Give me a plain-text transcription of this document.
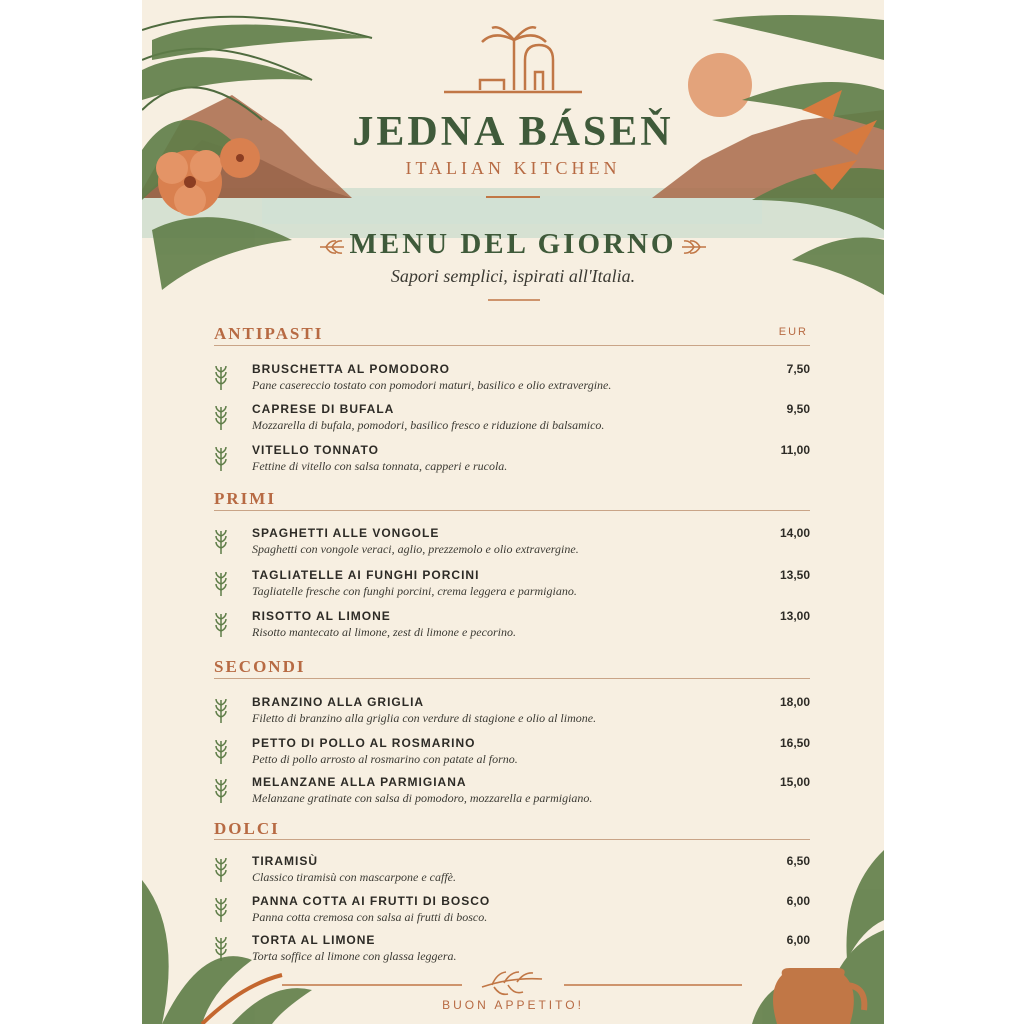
JEDNA BÁSEŇ
ITALIAN KITCHEN
MENU DEL GIORNO
Sapori semplici, ispirati all'Italia.
EUR
ANTIPASTI
BRUSCHETTA AL POMODORO
Pane casereccio tostato con pomodori maturi, basilico e olio extravergine.
7,50
CAPRESE DI BUFALA
Mozzarella di bufala, pomodori, basilico fresco e riduzione di balsamico.
9,50
VITELLO TONNATO
Fettine di vitello con salsa tonnata, capperi e rucola.
11,00
PRIMI
SPAGHETTI ALLE VONGOLE
Spaghetti con vongole veraci, aglio, prezzemolo e olio extravergine.
14,00
TAGLIATELLE AI FUNGHI PORCINI
Tagliatelle fresche con funghi porcini, crema leggera e parmigiano.
13,50
RISOTTO AL LIMONE
Risotto mantecato al limone, zest di limone e pecorino.
13,00
SECONDI
BRANZINO ALLA GRIGLIA
Filetto di branzino alla griglia con verdure di stagione e olio al limone.
18,00
PETTO DI POLLO AL ROSMARINO
Petto di pollo arrosto al rosmarino con patate al forno.
16,50
MELANZANE ALLA PARMIGIANA
Melanzane gratinate con salsa di pomodoro, mozzarella e parmigiano.
15,00
DOLCI
TIRAMISÙ
Classico tiramisù con mascarpone e caffè.
6,50
PANNA COTTA AI FRUTTI DI BOSCO
Panna cotta cremosa con salsa ai frutti di bosco.
6,00
TORTA AL LIMONE
Torta soffice al limone con glassa leggera.
6,00
BUON APPETITO!
